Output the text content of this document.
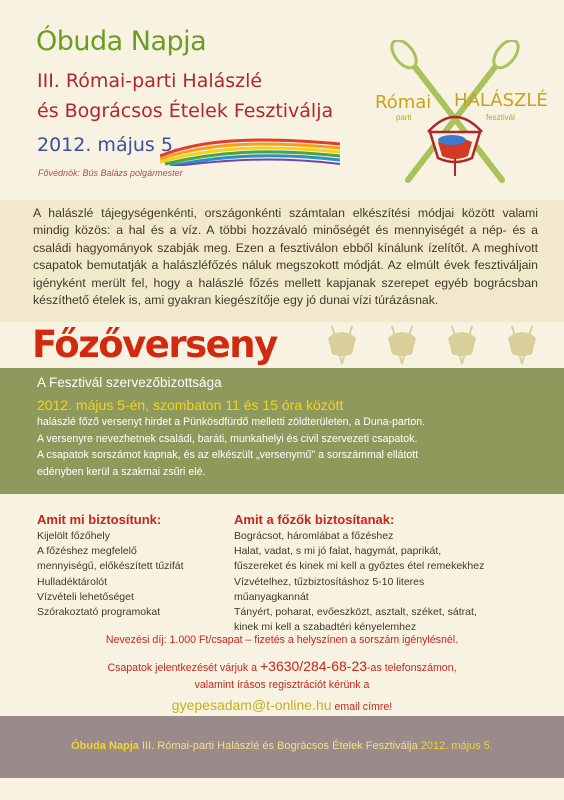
Óbuda Napja
III. Római-parti Halászlé
és Bográcsos Ételek Fesztiválja
2012. május 5.
Fővédnök: Bús Balázs polgármester
Római
parti
HALÁSZLÉ
fesztivál
A halászlé tájegységenkénti, országonkénti számtalan elkészítési módjai között valami mindig közös: a hal és a víz. A többi hozzávaló minőségét és mennyiségét a nép- és a családi hagyományok szabják meg. Ezen a fesztiválon ebből kínálunk ízelítőt. A meghívott csapatok bemutatják a halászléfőzés náluk megszokott módját. Az elmúlt évek fesztiváljain igényként merült fel, hogy a halászlé főzés mellett kapjanak szerepet egyéb bográcsban készíthető ételek is, ami gyakran kiegészítője egy jó dunai vízi túrázásnak.
Főzőverseny
A Fesztivál szervezőbizottsága
2012. május 5-én, szombaton 11 és 15 óra között
halászlé főző versenyt hirdet a Pünkösdfürdő melletti zöldterületen, a Duna-parton.
A versenyre nevezhetnek családi, baráti, munkahelyi és civil szervezeti csapatok.
A csapatok sorszámot kapnak, és az elkészült „versenymű" a sorszámmal ellátott
edényben kerül a szakmai zsűri elé.
Amit mi biztosítunk:
Kijelölt főzőhely
A főzéshez megfelelő
mennyiségű, előkészített tűzifát
Hulladéktárolót
Vízvételi lehetőséget
Szórakoztató programokat
Amit a főzők biztosítanak:
Bográcsot, háromlábat a főzéshez
Halat, vadat, s mi jó falat, hagymát, paprikát,
fűszereket és kinek mi kell a győztes étel remekekhez
Vízvételhez, tűzbiztosításhoz 5-10 literes
műanyagkannát
Tányért, poharat, evőeszközt, asztalt, széket, sátrat,
kinek mi kell a szabadtéri kényelemhez
Nevezési díj: 1.000 Ft/csapat – fizetés a helyszínen a sorszám igénylésnél.
Csapatok jelentkezését várjuk a +3630/284-68-23-as telefonszámon,
valamint írásos regisztrációt kérünk a
gyepesadam@t-online.hu email címre!
Óbuda Napja III. Római-parti Halászlé és Bográcsos Ételek Fesztiválja 2012. május 5.
